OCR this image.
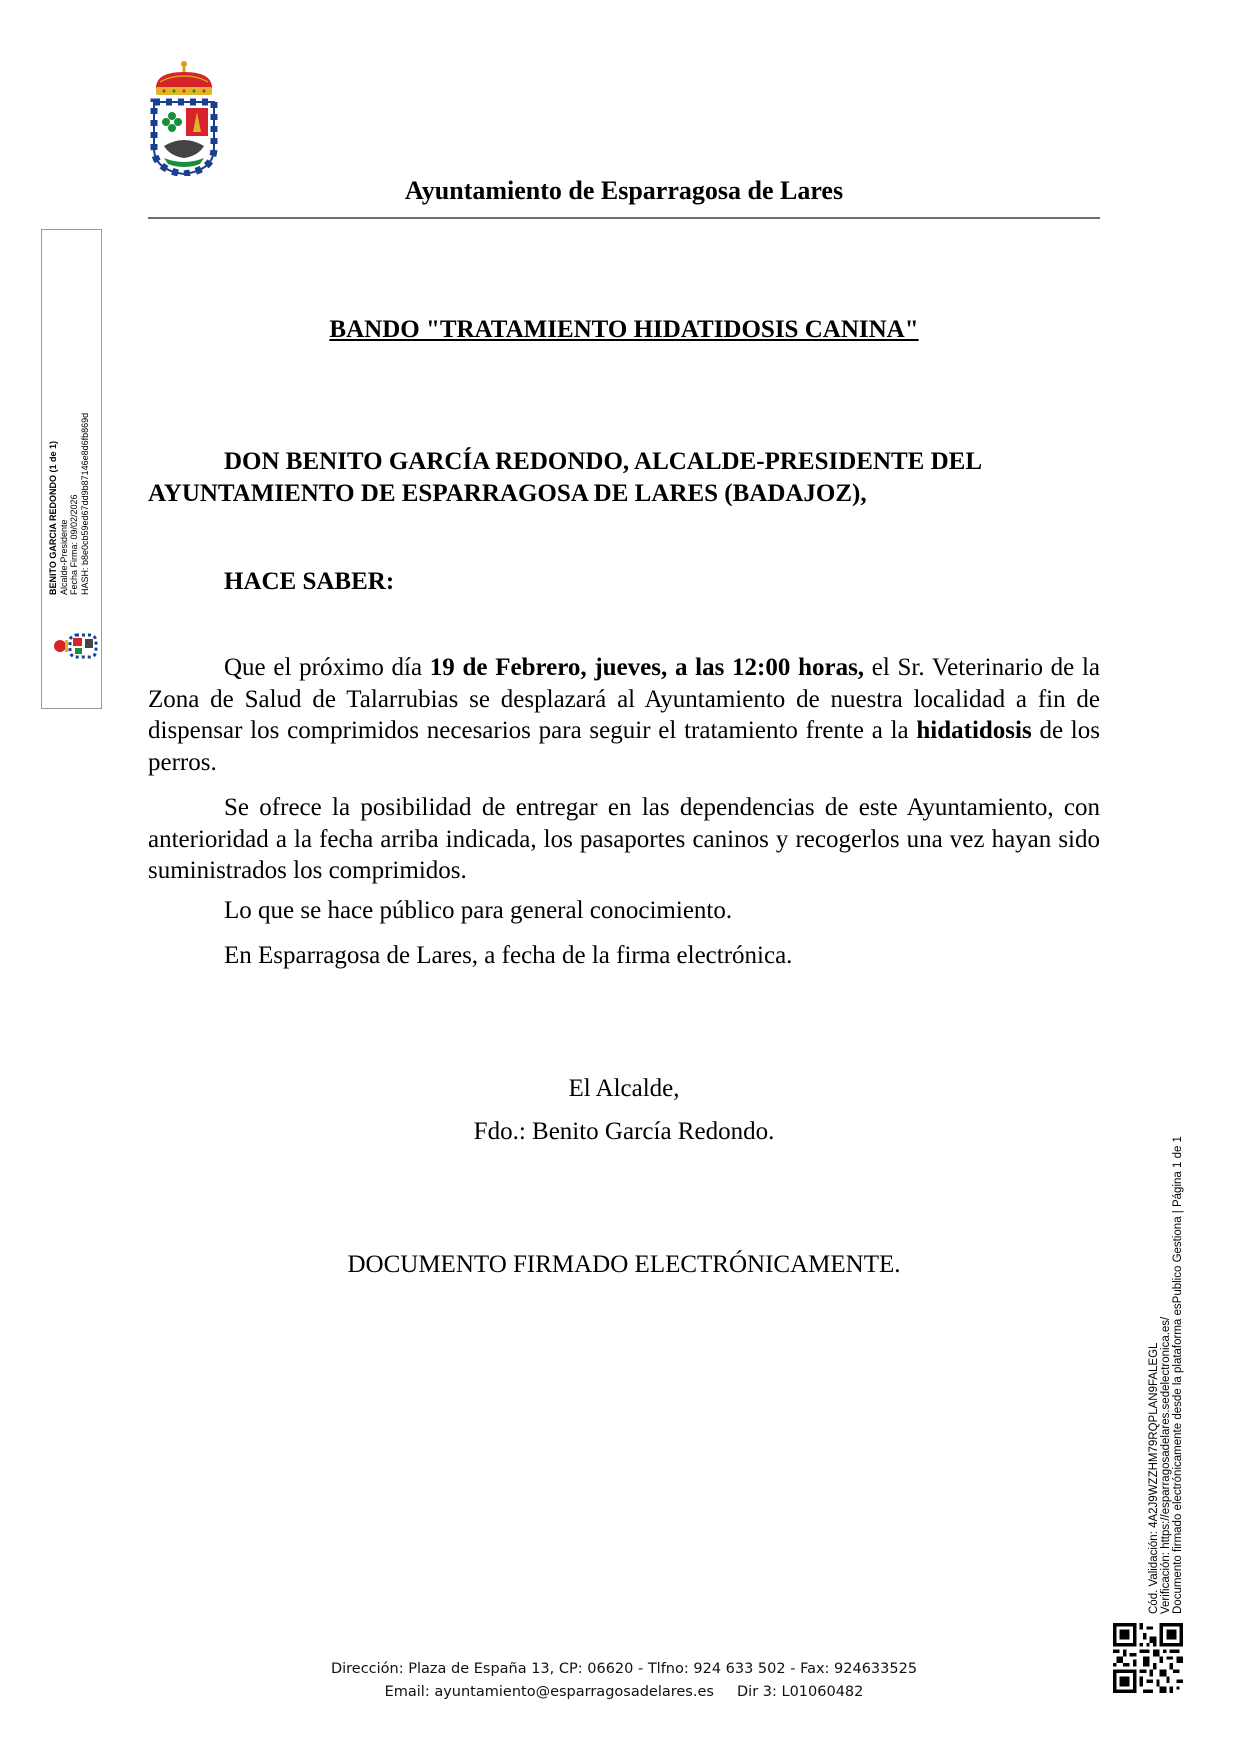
Ayuntamiento de Esparragosa de Lares
BANDO "TRATAMIENTO HIDATIDOSIS CANINA"
DON BENITO GARCÍA REDONDO, ALCALDE-PRESIDENTE DEL
AYUNTAMIENTO DE ESPARRAGOSA DE LARES (BADAJOZ),
HACE SABER:

Que el próximo día 19 de Febrero, jueves, a las 12:00 horas, el Sr. Veterinario de la Zona de Salud de Talarrubias se desplazará al Ayuntamiento de nuestra localidad a fin de dispensar los comprimidos necesarios para seguir el tratamiento frente a la hidatidosis de los perros.

Se ofrece la posibilidad de entregar en las dependencias de este Ayuntamiento, con anterioridad a la fecha arriba indicada, los pasaportes caninos y recogerlos una vez hayan sido suministrados los comprimidos.

Lo que se hace público para general conocimiento.

En Esparragosa de Lares, a fecha de la firma electrónica.

El Alcalde,
Fdo.: Benito García Redondo.
DOCUMENTO FIRMADO ELECTRÓNICAMENTE.
BENITO GARCIA REDONDO (1 de 1) Alcalde-Presidente Fecha Firma: 09/02/2026 HASH: b8e0cb59ed67dd9b87146e8d6fb869d
Cód. Validación: 4A2J9WZZHM79RQPLAN9FALEGL Verificación: https://esparragosadelares.sedelectronica.es/ Documento firmado electrónicamente desde la plataforma esPublico Gestiona | Página 1 de 1
Dirección: Plaza de España 13, CP: 06620 - Tlfno: 924 633 502 - Fax: 924633525
Email: ayuntamiento@esparragosadelares.es Dir 3: L01060482
